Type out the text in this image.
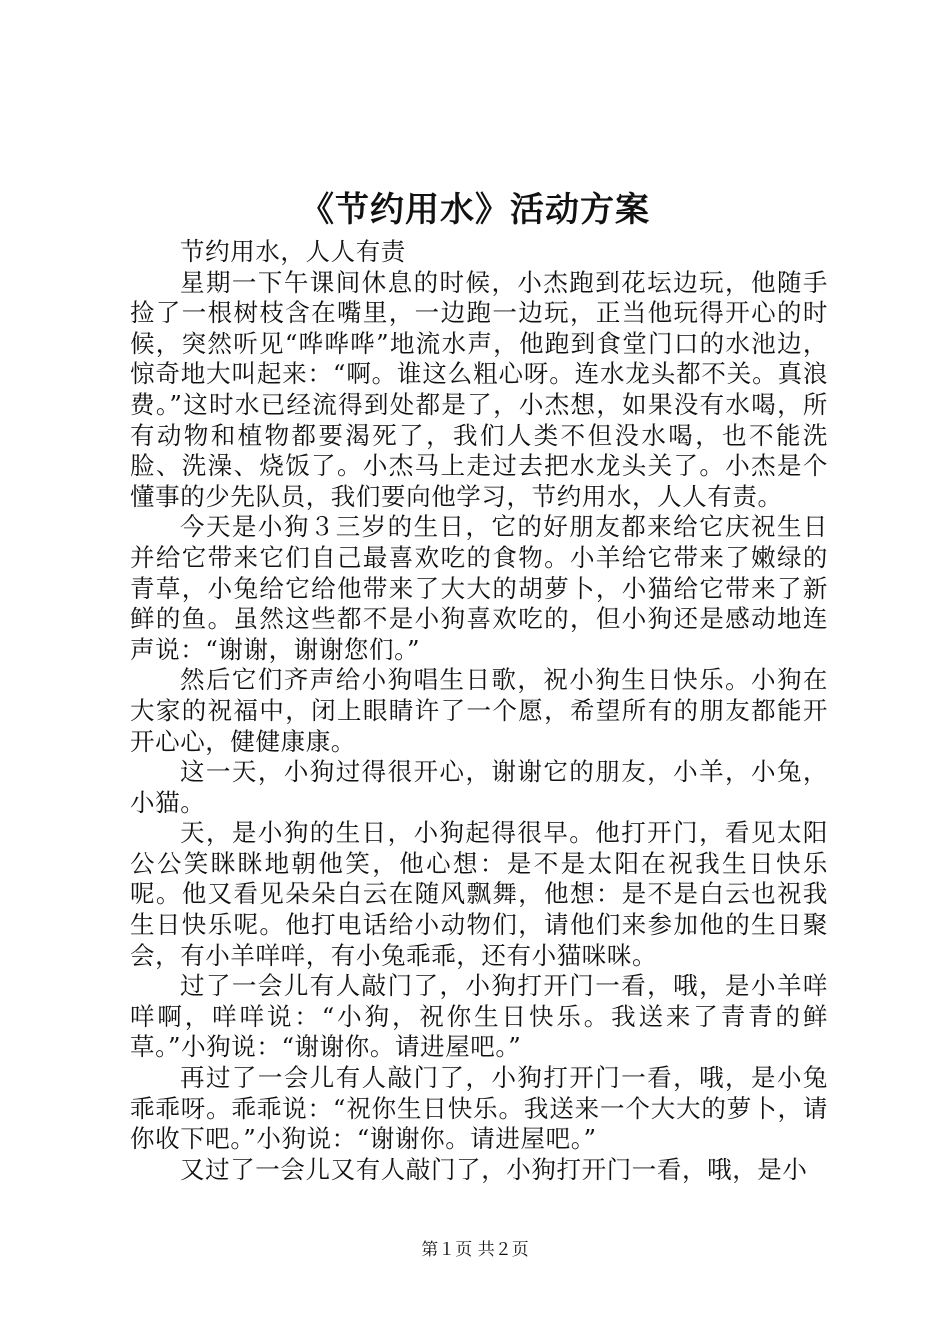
《节约用水》活动方案

节约用水，人人有责

星期一下午课间休息的时候，小杰跑到花坛边玩，他随手捡了一根树枝含在嘴里，一边跑一边玩，正当他玩得开心的时候，突然听见“哗哗哗”地流水声，他跑到食堂门口的水池边，惊奇地大叫起来：“啊。谁这么粗心呀。连水龙头都不关。真浪费。”这时水已经流得到处都是了，小杰想，如果没有水喝，所有动物和植物都要渴死了，我们人类不但没水喝，也不能洗脸、洗澡、烧饭了。小杰马上走过去把水龙头关了。小杰是个懂事的少先队员，我们要向他学习，节约用水，人人有责。

今天是小狗３三岁的生日，它的好朋友都来给它庆祝生日并给它带来它们自己最喜欢吃的食物。小羊给它带来了嫩绿的青草，小兔给它给他带来了大大的胡萝卜，小猫给它带来了新鲜的鱼。虽然这些都不是小狗喜欢吃的，但小狗还是感动地连声说：“谢谢，谢谢您们。”

然后它们齐声给小狗唱生日歌，祝小狗生日快乐。小狗在大家的祝福中，闭上眼睛许了一个愿，希望所有的朋友都能开开心心，健健康康。

这一天，小狗过得很开心，谢谢它的朋友，小羊，小兔，小猫。

天，是小狗的生日，小狗起得很早。他打开门，看见太阳公公笑眯眯地朝他笑，他心想：是不是太阳在祝我生日快乐呢。他又看见朵朵白云在随风飘舞，他想：是不是白云也祝我生日快乐呢。他打电话给小动物们，请他们来参加他的生日聚会，有小羊咩咩，有小兔乖乖，还有小猫咪咪。

过了一会儿有人敲门了，小狗打开门一看，哦，是小羊咩咩啊，咩咩说：“小狗，祝你生日快乐。我送来了青青的鲜草。”小狗说：“谢谢你。请进屋吧。”

再过了一会儿有人敲门了，小狗打开门一看，哦，是小兔乖乖呀。乖乖说：“祝你生日快乐。我送来一个大大的萝卜，请你收下吧。”小狗说：“谢谢你。请进屋吧。”

又过了一会儿又有人敲门了，小狗打开门一看，哦，是小

第１页 共２页
